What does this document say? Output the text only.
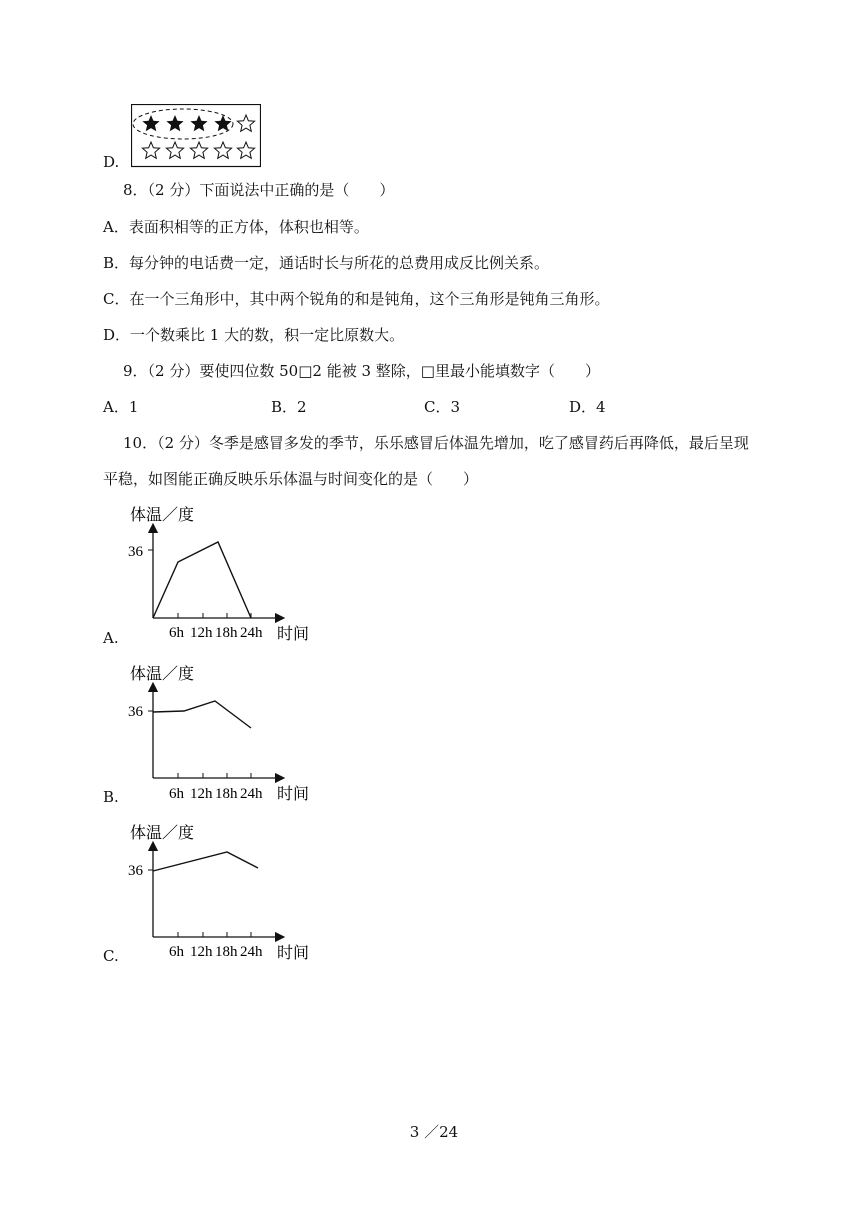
D.
8．（2 分）下面说法中正确的是（　　）
A．表面积相等的正方体，体积也相等。
B．每分钟的电话费一定，通话时长与所花的总费用成反比例关系。
C．在一个三角形中，其中两个锐角的和是钝角，这个三角形是钝角三角形。
D．一个数乘比 1 大的数，积一定比原数大。
9．（2 分）要使四位数 50□2 能被 3 整除，□里最小能填数字（　　）
A．1	B．2	C．3	D．4
10．（2 分）冬季是感冒多发的季节，乐乐感冒后体温先增加，吃了感冒药后再降低，最后呈现
平稳，如图能正确反映乐乐体温与时间变化的是（　　）
A.
体温／度
36
6h 12h 18h 24h 时间
B.
体温／度
36
6h 12h 18h 24h 时间
C.
体温／度
36
6h 12h 18h 24h 时间
3 ／24
